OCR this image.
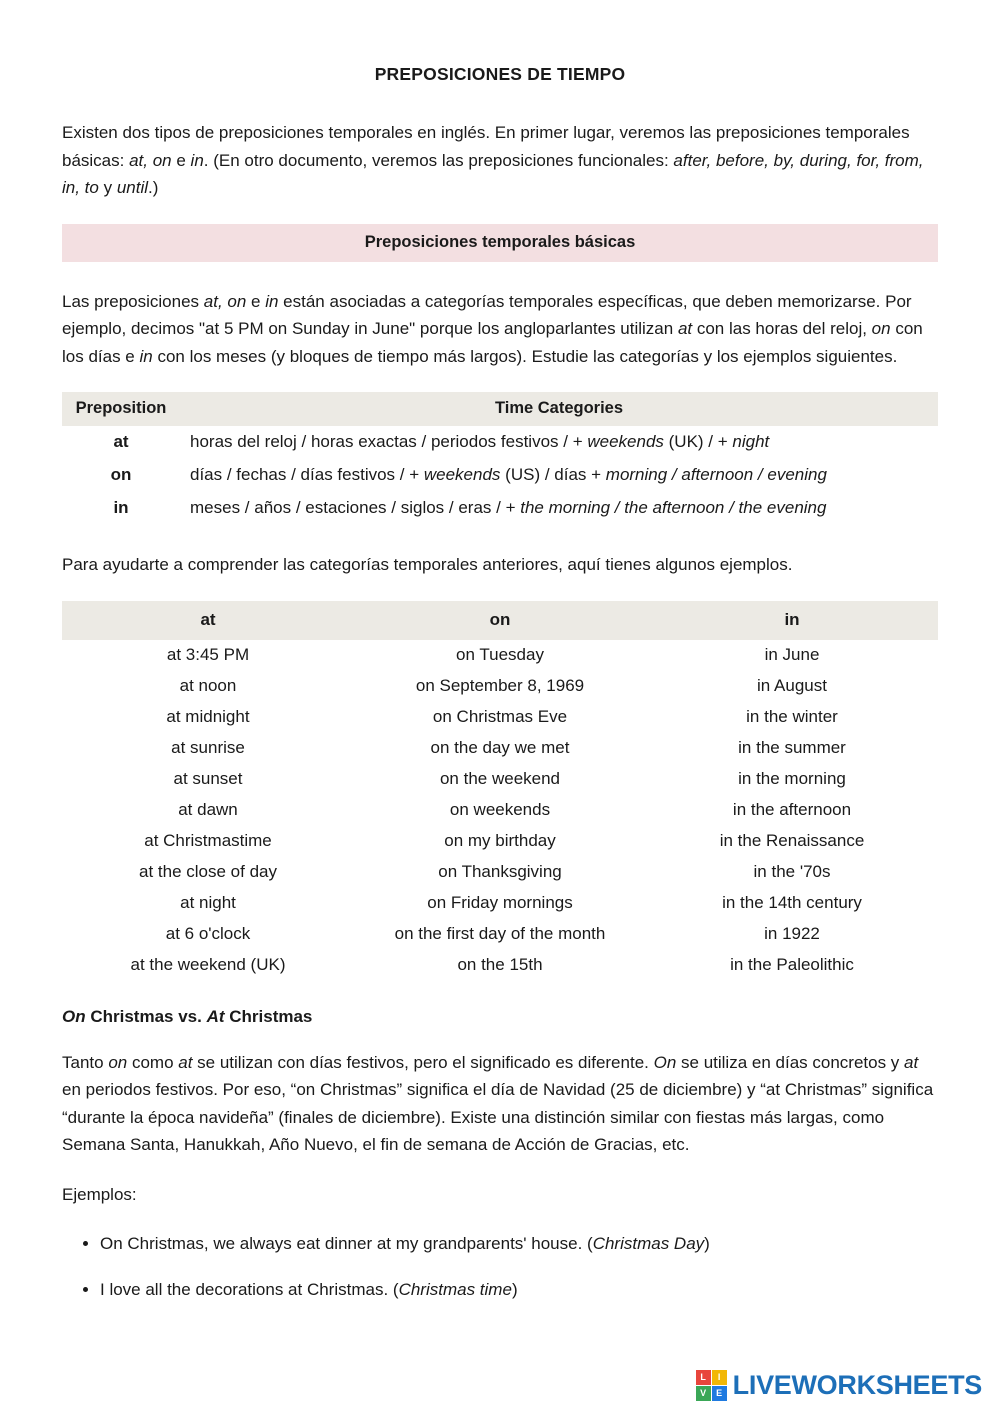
PREPOSICIONES DE TIEMPO

Existen dos tipos de preposiciones temporales en inglés. En primer lugar, veremos las preposiciones temporales básicas: at, on e in. (En otro documento, veremos las preposiciones funcionales: after, before, by, during, for, from, in, to y until.)

Preposiciones temporales básicas

Las preposiciones at, on e in están asociadas a categorías temporales específicas, que deben memorizarse. Por ejemplo, decimos "at 5 PM on Sunday in June" porque los angloparlantes utilizan at con las horas del reloj, on con los días e in con los meses (y bloques de tiempo más largos). Estudie las categorías y los ejemplos siguientes.

Preposition	Time Categories
at	horas del reloj / horas exactas / periodos festivos / + weekends (UK) / + night
on	días / fechas / días festivos / + weekends (US) / días + morning / afternoon / evening
in	meses / años / estaciones / siglos / eras / + the morning / the afternoon / the evening

Para ayudarte a comprender las categorías temporales anteriores, aquí tienes algunos ejemplos.

at	on	in
at 3:45 PM	on Tuesday	in June
at noon	on September 8, 1969	in August
at midnight	on Christmas Eve	in the winter
at sunrise	on the day we met	in the summer
at sunset	on the weekend	in the morning
at dawn	on weekends	in the afternoon
at Christmastime	on my birthday	in the Renaissance
at the close of day	on Thanksgiving	in the '70s
at night	on Friday mornings	in the 14th century
at 6 o'clock	on the first day of the month	in 1922
at the weekend (UK)	on the 15th	in the Paleolithic
On Christmas vs. At Christmas

Tanto on como at se utilizan con días festivos, pero el significado es diferente. On se utiliza en días concretos y at en periodos festivos. Por eso, “on Christmas” significa el día de Navidad (25 de diciembre) y “at Christmas” significa “durante la época navideña” (finales de diciembre). Existe una distinción similar con fiestas más largas, como Semana Santa, Hanukkah, Año Nuevo, el fin de semana de Acción de Gracias, etc.

Ejemplos:

• On Christmas, we always eat dinner at my grandparents' house. (Christmas Day)
• I love all the decorations at Christmas. (Christmas time)
L	I
V	E LIVEWORKSHEETS
